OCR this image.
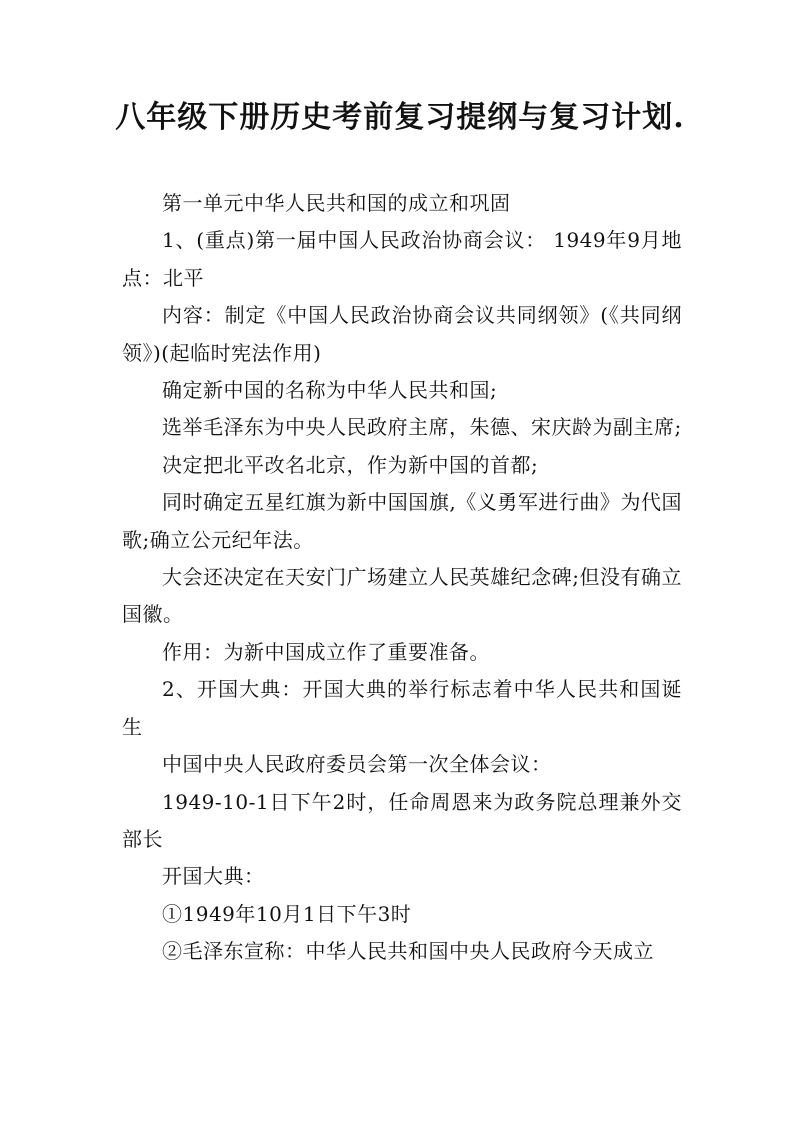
八年级下册历史考前复习提纲与复习计划.

第一单元中华人民共和国的成立和巩固

1、(重点)第一届中国人民政治协商会议： 1949年9月地点：北平

内容：制定《中国人民政治协商会议共同纲领》(《共同纲领》)(起临时宪法作用)

确定新中国的名称为中华人民共和国;

选举毛泽东为中央人民政府主席，朱德、宋庆龄为副主席;

决定把北平改名北京，作为新中国的首都;

同时确定五星红旗为新中国国旗,《义勇军进行曲》为代国歌;确立公元纪年法。

大会还决定在天安门广场建立人民英雄纪念碑;但没有确立国徽。

作用：为新中国成立作了重要准备。

2、开国大典：开国大典的举行标志着中华人民共和国诞生

中国中央人民政府委员会第一次全体会议：

1949-10-1日下午2时，任命周恩来为政务院总理兼外交部长

开国大典：

①1949年10月1日下午3时

②毛泽东宣称：中华人民共和国中央人民政府今天成立
